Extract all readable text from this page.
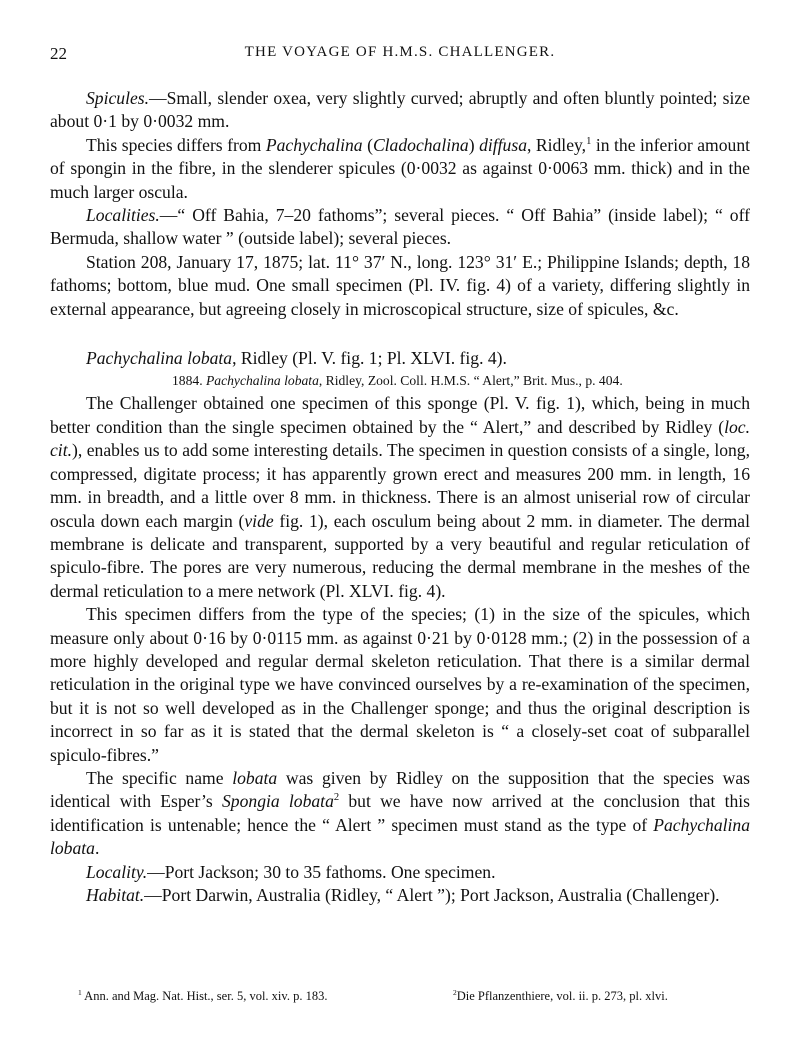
22	THE VOYAGE OF H.M.S. CHALLENGER.

Spicules.—Small, slender oxea, very slightly curved; abruptly and often bluntly pointed; size about 0·1 by 0·0032 mm.

This species differs from Pachychalina (Cladochalina) diffusa, Ridley,$^1$ in the inferior amount of spongin in the fibre, in the slenderer spicules (0·0032 as against 0·0063 mm. thick) and in the much larger oscula.

Localities.—“ Off Bahia, 7–20 fathoms”; several pieces. “ Off Bahia” (inside label); “ off Bermuda, shallow water ” (outside label); several pieces.

Station 208, January 17, 1875; lat. 11° 37′ N., long. 123° 31′ E.; Philippine Islands; depth, 18 fathoms; bottom, blue mud. One small specimen (Pl. IV. fig. 4) of a variety, differing slightly in external appearance, but agreeing closely in microscopical structure, size of spicules, &c.

Pachychalina lobata, Ridley (Pl. V. fig. 1; Pl. XLVI. fig. 4).

1884. Pachychalina lobata, Ridley, Zool. Coll. H.M.S. “ Alert,” Brit. Mus., p. 404.

The Challenger obtained one specimen of this sponge (Pl. V. fig. 1), which, being in much better condition than the single specimen obtained by the “ Alert,” and described by Ridley (loc. cit.), enables us to add some interesting details. The specimen in question consists of a single, long, compressed, digitate process; it has apparently grown erect and measures 200 mm. in length, 16 mm. in breadth, and a little over 8 mm. in thickness. There is an almost uniserial row of circular oscula down each margin (vide fig. 1), each osculum being about 2 mm. in diameter. The dermal membrane is delicate and transparent, supported by a very beautiful and regular reticulation of spiculo-fibre. The pores are very numerous, reducing the dermal membrane in the meshes of the dermal reticulation to a mere network (Pl. XLVI. fig. 4).

This specimen differs from the type of the species; (1) in the size of the spicules, which measure only about 0·16 by 0·0115 mm. as against 0·21 by 0·0128 mm.; (2) in the possession of a more highly developed and regular dermal skeleton reticulation. That there is a similar dermal reticulation in the original type we have convinced ourselves by a re-examination of the specimen, but it is not so well developed as in the Challenger sponge; and thus the original description is incorrect in so far as it is stated that the dermal skeleton is “ a closely-set coat of subparallel spiculo-fibres.”

The specific name lobata was given by Ridley on the supposition that the species was identical with Esper’s Spongia lobata$^2$ but we have now arrived at the conclusion that this identification is untenable; hence the “ Alert ” specimen must stand as the type of Pachychalina lobata.

Locality.—Port Jackson; 30 to 35 fathoms. One specimen.

Habitat.—Port Darwin, Australia (Ridley, “ Alert ”); Port Jackson, Australia (Challenger).

$^1$ Ann. and Mag. Nat. Hist., ser. 5, vol. xiv. p. 183.	$^2$Die Pflanzenthiere, vol. ii. p. 273, pl. xlvi.
